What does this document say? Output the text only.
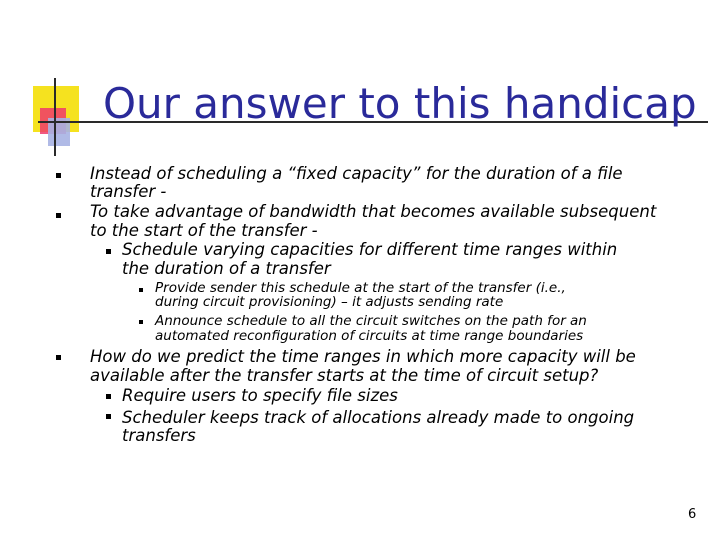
Our answer to this handicap
Instead of scheduling a “fixed capacity” for the duration of a file
transfer -
To take advantage of bandwidth that becomes available subsequent
to the start of the transfer -
Schedule varying capacities for different time ranges within
the duration of a transfer
Provide sender this schedule at the start of the transfer (i.e.,
during circuit provisioning) – it adjusts sending rate
Announce schedule to all the circuit switches on the path for an
automated reconfiguration of circuits at time range boundaries
How do we predict the time ranges in which more capacity will be
available after the transfer starts at the time of circuit setup?
Require users to specify file sizes
Scheduler keeps track of allocations already made to ongoing
transfers
6
